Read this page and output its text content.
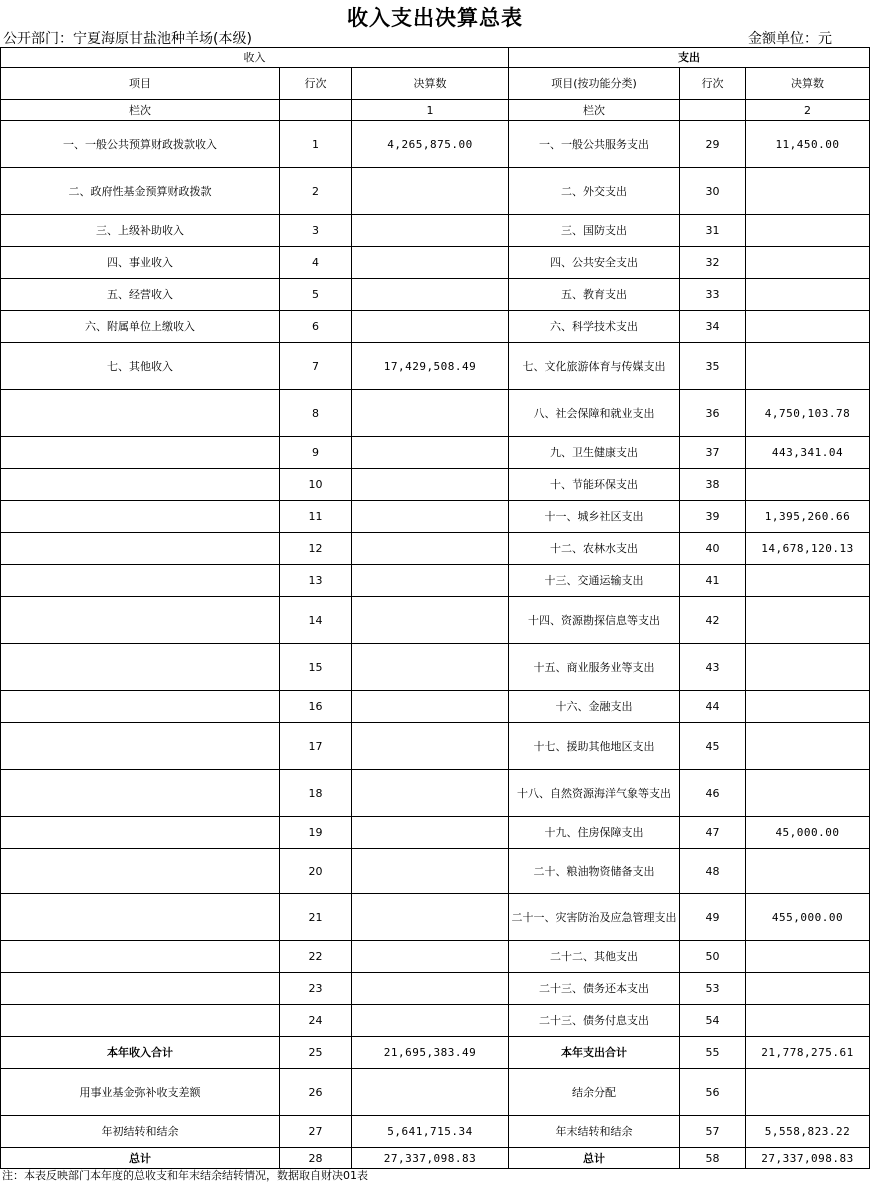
收入支出决算总表
公开部门：宁夏海原甘盐池种羊场(本级)	金额单位：元
收入			支出		
项目	行次	决算数	项目(按功能分类)	行次	决算数
栏次		1	栏次		2
一、一般公共预算财政拨款收入	1	4,265,875.00	一、一般公共服务支出	29	11,450.00
二、政府性基金预算财政拨款	2		二、外交支出	30	
三、上级补助收入	3		三、国防支出	31	
四、事业收入	4		四、公共安全支出	32	
五、经营收入	5		五、教育支出	33	
六、附属单位上缴收入	6		六、科学技术支出	34	
七、其他收入	7	17,429,508.49	七、文化旅游体育与传媒支出	35	
	8		八、社会保障和就业支出	36	4,750,103.78
	9		九、卫生健康支出	37	443,341.04
	10		十、节能环保支出	38	
	11		十一、城乡社区支出	39	1,395,260.66
	12		十二、农林水支出	40	14,678,120.13
	13		十三、交通运输支出	41	
	14		十四、资源勘探信息等支出	42	
	15		十五、商业服务业等支出	43	
	16		十六、金融支出	44	
	17		十七、援助其他地区支出	45	
	18		十八、自然资源海洋气象等支出	46	
	19		十九、住房保障支出	47	45,000.00
	20		二十、粮油物资储备支出	48	
	21		二十一、灾害防治及应急管理支出	49	455,000.00
	22		二十二、其他支出	50	
	23		二十三、债务还本支出	53	
	24		二十三、债务付息支出	54	
本年收入合计	25	21,695,383.49	本年支出合计	55	21,778,275.61
用事业基金弥补收支差额	26		结余分配	56	
年初结转和结余	27	5,641,715.34	年末结转和结余	57	5,558,823.22
总计	28	27,337,098.83	总计	58	27,337,098.83
注：本表反映部门本年度的总收支和年末结余结转情况，数据取自财决01表
